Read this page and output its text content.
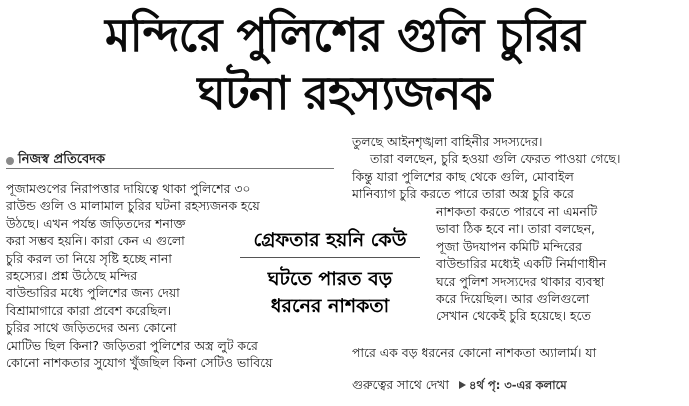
মন্দিরে পুলিশের গুলি চুরির
ঘটনা রহস্যজনক
নিজস্ব প্রতিবেদক

পূজামণ্ডপের নিরাপত্তার দায়িত্বে থাকা পুলিশের ৩০

রাউন্ড গুলি ও মালামাল চুরির ঘটনা রহস্যজনক হয়ে

উঠছে। এখন পর্যন্ত জড়িতদের শনাক্ত

করা সম্ভব হয়নি। কারা কেন এ গুলো

চুরি করল তা নিয়ে সৃষ্টি হচ্ছে নানা

রহস্যের। প্রশ্ন উঠেছে মন্দির

বাউন্ডারির মধ্যে পুলিশের জন্য দেয়া

বিশ্রামাগারে কারা প্রবেশ করেছিল।

চুরির সাথে জড়িতদের অন্য কোনো

মোটিভ ছিল কিনা? জড়িতরা পুলিশের অস্ত্র লুট করে

কোনো নাশকতার সুযোগ খুঁজছিল কিনা সেটিও ভাবিয়ে

তুলছে আইনশৃঙ্খলা বাহিনীর সদস্যদের।

তারা বলছেন, চুরি হওয়া গুলি ফেরত পাওয়া গেছে।

কিন্তু যারা পুলিশের কাছ থেকে গুলি, মোবাইল

মানিব্যাগ চুরি করতে পারে তারা অস্ত্র চুরি করে

নাশকতা করতে পারবে না এমনটি

ভাবা ঠিক হবে না। তারা বলছেন,

পূজা উদযাপন কমিটি মন্দিরের

বাউন্ডারির মধ্যেই একটি নির্মাণাধীন

ঘরে পুলিশ সদস্যদের থাকার ব্যবস্থা

করে দিয়েছিল। আর গুলিগুলো

সেখান থেকেই চুরি হয়েছে। হতে

পারে এক বড় ধরনের কোনো নাশকতা অ্যালার্ম। যা

গ্রেফতার হয়নি কেউ
ঘটতে পারত বড়
ধরনের নাশকতা
গুরুত্বের সাথে দেখা ৪র্থ পৃ: ৩-এর কলামে
